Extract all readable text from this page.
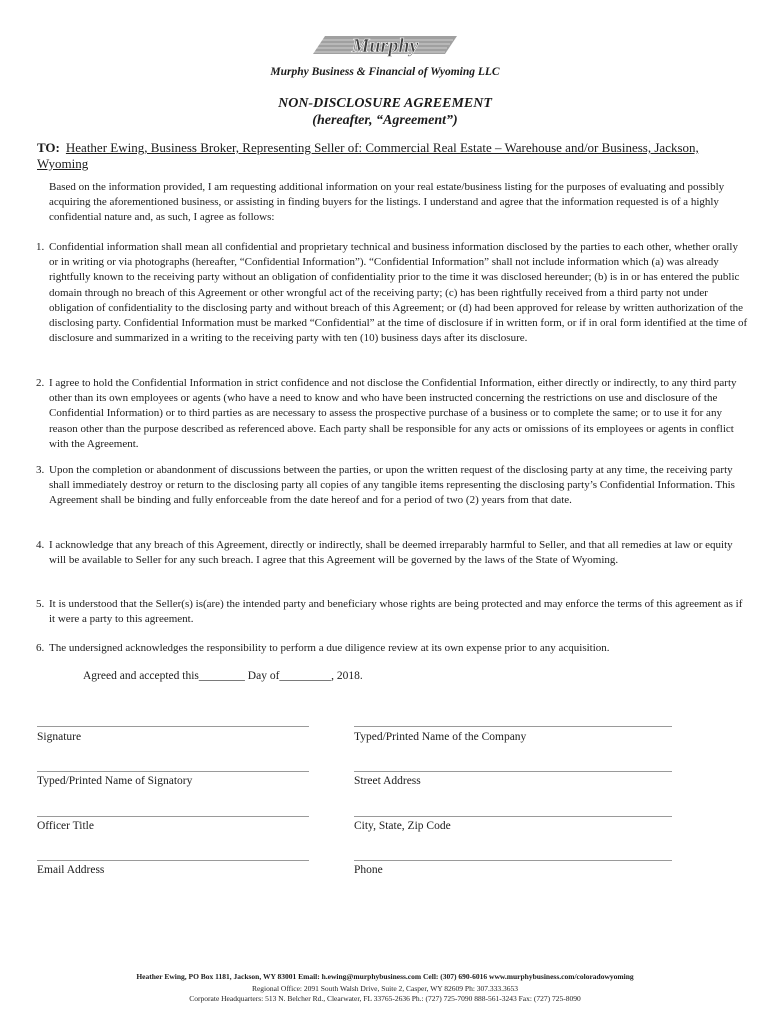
Murphy
Murphy Business & Financial of Wyoming LLC
NON-DISCLOSURE AGREEMENT
(hereafter, “Agreement”)
TO: Heather Ewing, Business Broker, Representing Seller of: Commercial Real Estate – Warehouse and/or Business, Jackson, Wyoming
Based on the information provided, I am requesting additional information on your real estate/business listing for the purposes of evaluating and possibly acquiring the aforementioned business, or assisting in finding buyers for the listings. I understand and agree that the information requested is of a highly confidential nature and, as such, I agree as follows:
1. Confidential information shall mean all confidential and proprietary technical and business information disclosed by the parties to each other, whether orally or in writing or via photographs (hereafter, “Confidential Information”). “Confidential Information” shall not include information which (a) was already rightfully known to the receiving party without an obligation of confidentiality prior to the time it was disclosed hereunder; (b) is in or has entered the public domain through no breach of this Agreement or other wrongful act of the receiving party; (c) has been rightfully received from a third party not under obligation of confidentiality to the disclosing party and without breach of this Agreement; or (d) had been approved for release by written authorization of the disclosing party. Confidential Information must be marked “Confidential” at the time of disclosure if in written form, or if in oral form identified at the time of disclosure and summarized in a writing to the receiving party with ten (10) business days after its disclosure.
2. I agree to hold the Confidential Information in strict confidence and not disclose the Confidential Information, either directly or indirectly, to any third party other than its own employees or agents (who have a need to know and who have been instructed concerning the restrictions on use and disclosure of the Confidential Information) or to third parties as are necessary to assess the prospective purchase of a business or to complete the same; or to use it for any reason other than the purpose described as referenced above. Each party shall be responsible for any acts or omissions of its employees or agents in conflict with the Agreement.
3. Upon the completion or abandonment of discussions between the parties, or upon the written request of the disclosing party at any time, the receiving party shall immediately destroy or return to the disclosing party all copies of any tangible items representing the disclosing party’s Confidential Information. This Agreement shall be binding and fully enforceable from the date hereof and for a period of two (2) years from that date.
4. I acknowledge that any breach of this Agreement, directly or indirectly, shall be deemed irreparably harmful to Seller, and that all remedies at law or equity will be available to Seller for any such breach. I agree that this Agreement will be governed by the laws of the State of Wyoming.
5. It is understood that the Seller(s) is(are) the intended party and beneficiary whose rights are being protected and may enforce the terms of this agreement as if it were a party to this agreement.
6. The undersigned acknowledges the responsibility to perform a due diligence review at its own expense prior to any acquisition.
Agreed and accepted this________ Day of_________, 2018.
Signature
Typed/Printed Name of Signatory
Officer Title
Email Address
Typed/Printed Name of the Company
Street Address
City, State, Zip Code
Phone
Heather Ewing, PO Box 1181, Jackson, WY 83001 Email: h.ewing@murphybusiness.com Cell: (307) 690-6016 www.murphybusiness.com/coloradowyoming
Regional Office: 2091 South Walsh Drive, Suite 2, Casper, WY 82609 Ph: 307.333.3653
Corporate Headquarters: 513 N. Belcher Rd., Clearwater, FL 33765-2636 Ph.: (727) 725-7090 888-561-3243 Fax: (727) 725-8090
